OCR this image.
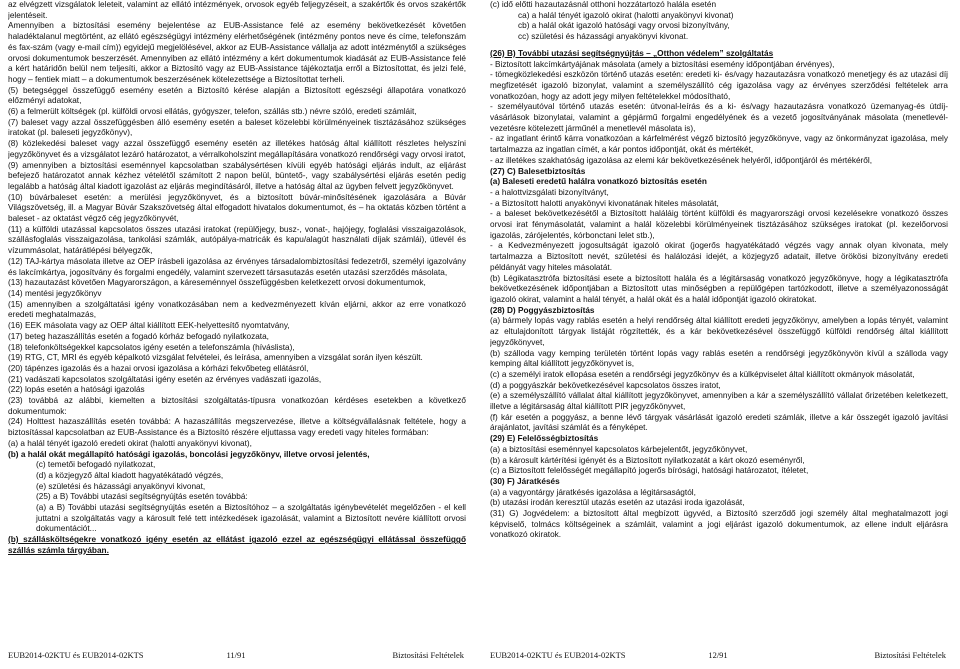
az elvégzett vizsgálatok leleteit, valamint az ellátó intézmények, orvosok egyéb feljegyzéseit, a szakértők és orvos szakértők jelentéseit.

Amennyiben a biztosítási esemény bejelentése az EUB-Assistance felé az esemény bekövetkezését követően haladéktalanul megtörtént, az ellátó egészségügyi intézmény elérhetőségének (intézmény pontos neve és címe, telefonszám és fax-szám (vagy e-mail cím)) egyidejű megjelölésével, akkor az EUB-Assistance vállalja az adott intézménytől a szükséges orvosi dokumentumok beszerzését. Amennyiben az ellátó intézmény a kért dokumentumok kiadását az EUB-Assistance felé a kért határidőn belül nem teljesíti, akkor a Biztosító vagy az EUB-Assistance tájékoztatja erről a Biztosítottat, és jelzi felé, hogy – fentiek miatt – a dokumentumok beszerzésének kötelezettsége a Biztosítottat terheli.

(5) betegséggel összefüggő esemény esetén a Biztosító kérése alapján a Biztosított egészségi állapotára vonatkozó előzményi adatokat,

(6) a felmerült költségek (pl. külföldi orvosi ellátás, gyógyszer, telefon, szállás stb.) névre szóló, eredeti számláit,

(7) baleset vagy azzal összefüggésben álló esemény esetén a baleset közelebbi körülményeinek tisztázásához szükséges iratokat (pl. baleseti jegyzőkönyv),

(8) közlekedési baleset vagy azzal összefüggő esemény esetén az illetékes hatóság által kiállított részletes helyszíni jegyzőkönyvet és a vizsgálatot lezáró határozatot, a vérralkoholszint megállapítására vonatkozó rendőrségi vagy orvosi iratot,

(9) amennyiben a biztosítási eseménnyel kapcsolatban szabálysértésen kívüli egyéb hatósági eljárás indult, az eljárást befejező határozatot annak kézhez vételétől számított 2 napon belül, büntető-, vagy szabálysértési eljárás esetén pedig legalább a hatóság által kiadott igazolást az eljárás megindításáról, illetve a hatóság által az ügyben felvett jegyzőkönyvet.

(10) búvárbaleset esetén: a merülési jegyzőkönyvet, és a biztosított búvár-minősítésének igazolására a Búvár Világszövetség, ill. a Magyar Búvár Szakszövetség által elfogadott hivatalos dokumentumot, és – ha oktatás közben történt a baleset - az oktatást végző cég jegyzőkönyvét,

(11) a külföldi utazással kapcsolatos összes utazási iratokat (repülőjegy, busz-, vonat-, hajójegy, foglalási visszaigazolások, szállásfoglalás visszaigazolása, tankolási számlák, autópálya-matricák és kapu/alagút használati díjak számlái), útlevél és vízummásolat, határátlépési bélyegzők,

(12) TAJ-kártya másolata illetve az OEP írásbeli igazolása az érvényes társadalombiztosítási fedezetről, személyi igazolvány és lakcímkártya, jogosítvány és forgalmi engedély, valamint szervezett társasutazás esetén utazási szerződés másolata,

(13) hazautazást követően Magyarországon, a káreseménnyel összefüggésben keletkezett orvosi dokumentumok,

(14) mentési jegyzőkönyv

(15) amennyiben a szolgáltatási igény vonatkozásában nem a kedvezményezett kíván eljárni, akkor az erre vonatkozó eredeti meghatalmazás,

(16) EEK másolata vagy az OEP által kiállított EEK-helyettesítő nyomtatvány,

(17) beteg hazaszállítás esetén a fogadó kórház befogadó nyilatkozata,

(18) telefonköltségekkel kapcsolatos igény esetén a telefonszámla (híváslista),

(19) RTG, CT, MRI és egyéb képalkotó vizsgálat felvételei, és leírása, amennyiben a vizsgálat során ilyen készült.

(20) tápénzes igazolás és a hazai orvosi igazolása a kórházi fekvőbeteg ellátásról,

(21) vadászati kapcsolatos szolgáltatási igény esetén az érvényes vadászati igazolás,

(22) lopás esetén a hatósági igazolás

(23) továbbá az alábbi, kiemelten a biztosítási szolgáltatás-típusra vonatkozóan kérdéses esetekben a következő dokumentumok:

(24) Holttest hazaszállítás esetén továbbá: A hazaszállítás megszervezése, illetve a költségvállalásnak feltétele, hogy a biztosítással kapcsolatban az EUB-Assistance és a Biztosító részére eljuttassa vagy eredeti vagy hiteles formában:

(a) a halál tényét igazoló eredeti okirat (halotti anyakönyvi kivonat),

(b) a halál okát megállapító hatósági igazolás, boncolási jegyzőkönyv, illetve orvosi jelentés,

(c) temetői befogadó nyilatkozat,

(d) a közjegyző által kiadott hagyatékátadó végzés,

(e) születési és házassági anyakönyvi kivonat,

(25) a B) További utazási segítségnyújtás esetén továbbá:

(a) a B) További utazási segítségnyújtás esetén a Biztosítóhoz – a szolgáltatás igénybevételét megelőzően - el kell juttatni a szolgáltatás vagy a károsult felé tett intézkedések igazolását, valamint a Biztosított nevére kiállított orvosi dokumentációt...

(b) szállásköltségekre vonatkozó igény esetén az ellátást igazoló ezzel az egészségügyi ellátással összefüggő szállás számla tárgyában.

EUB2014-02KTU és EUB2014-02KTS	11/91	Biztosítási Feltételek

(c) idő előtti hazautazásnál otthoni hozzátartozó halála esetén

ca) a halál tényét igazoló okirat (halotti anyakönyvi kivonat)

cb) a halál okát igazoló hatósági vagy orvosi bizonyítvány,

cc) születési és házassági anyakönyvi kivonat.

(26) B) További utazási segítségnyújtás – „Otthon védelem” szolgáltatás

- Biztosított lakcímkártyájának másolata (amely a biztosítási esemény időpontjában érvényes),

- tömegközlekedési eszközön történő utazás esetén: eredeti ki- és/vagy hazautazásra vonatkozó menetjegy és az utazási díj megfizetését igazoló bizonylat, valamint a személyszállító cég igazolása vagy az érvényes szerződési feltételek arra vonatkozóan, hogy az adott jegy milyen feltételekkel módosítható,

- személyautóval történő utazás esetén: útvonal-leírás és a ki- és/vagy hazautazásra vonatkozó üzemanyag-és útdíj-vásárlások bizonylatai, valamint a gépjármű forgalmi engedélyének és a vezető jogosítványának másolata (menetlevél-vezetésre kötelezett járműnél a menetlevél másolata is),

- az ingatlant érintő kárra vonatkozóan a kárfelmérést végző biztosító jegyzőkönyve, vagy az önkormányzat igazolása, mely tartalmazza az ingatlan címét, a kár pontos időpontját, okát és mértékét,

- az illetékes szakhatóság igazolása az elemi kár bekövetkezésének helyéről, időpontjáról és mértékéről,

(27) C) Balesetbiztosítás

(a) Baleseti eredetű halálra vonatkozó biztosítás esetén

- a halottvizsgálati bizonyítványt,

- a Biztosított halotti anyakönyvi kivonatának hiteles másolatát,

- a baleset bekövetkezésétől a Biztosított haláláig történt külföldi és magyarországi orvosi kezelésekre vonatkozó összes orvosi irat fénymásolatát, valamint a halál közelebbi körülményeinek tisztázásához szükséges iratokat (pl. kezelőorvosi igazolás, zárójelentés, kórbonctani lelet stb.),

- a Kedvezményezett jogosultságát igazoló okirat (jogerős hagyatékátadó végzés vagy annak olyan kivonata, mely tartalmazza a Biztosított nevét, születési és halálozási idejét, a közjegyző adatait, illetve örökösi bizonyítvány eredeti példányát vagy hiteles másolatát.

(b) Légikatasztrófa biztosítási esete a biztosított halála és a légitársaság vonatkozó jegyzőkönyve, hogy a légikatasztrófa bekövetkezésének időpontjában a Biztosított utas minőségben a repülőgépen tartózkodott, illetve a személyazonosságát igazoló okirat, valamint a halál tényét, a halál okát és a halál időpontját igazoló okiratokat.

(28) D) Poggyászbiztosítás

(a) bármely lopás vagy rablás esetén a helyi rendőrség által kiállított eredeti jegyzőkönyv, amelyben a lopás tényét, valamint az eltulajdonított tárgyak listáját rögzítették, és a kár bekövetkezésével összefüggő külföldi rendőrség által kiállított jegyzőkönyvet,

(b) szálloda vagy kemping területén történt lopás vagy rablás esetén a rendőrségi jegyzőkönyvön kívül a szálloda vagy kemping által kiállított jegyzőkönyvet is,

(c) a személyi iratok ellopása esetén a rendőrségi jegyzőkönyv és a külképviselet által kiállított okmányok másolatát,

(d) a poggyászkár bekövetkezésével kapcsolatos összes iratot,

(e) a személyszállító vállalat által kiállított jegyzőkönyvet, amennyiben a kár a személyszállító vállalat őrizetében keletkezett, illetve a légitársaság által kiállított PIR jegyzőkönyvet,

(f) kár esetén a poggyász, a benne lévő tárgyak vásárlását igazoló eredeti számlák, illetve a kár összegét igazoló javítási árajánlatot, javítási számlát és a fényképet.

(29) E) Felelősségbiztosítás

(a) a biztosítási eseménnyel kapcsolatos kárbejelentőt, jegyzőkönyvet,

(b) a károsult kártérítési igényét és a Biztosított nyilatkozatát a kárt okozó eseményről,

(c) a Biztosított felelősségét megállapító jogerős bírósági, hatósági határozatot, ítéletet,

(30) F) Járatkésés

(a) a vagyontárgy járatkésés igazolása a légitársaságtól,

(b) utazási irodán keresztül utazás esetén az utazási iroda igazolását,

(31) G) Jogvédelem: a biztosított által megbízott ügyvéd, a Biztosító szerződő jogi személy által meghatalmazott jogi képviselő, tolmács költségeinek a számláit, valamint a jogi eljárást igazoló dokumentumok, az ellene indult eljárásra vonatkozó okiratok.

EUB2014-02KTU és EUB2014-02KTS	12/91	Biztosítási Feltételek
